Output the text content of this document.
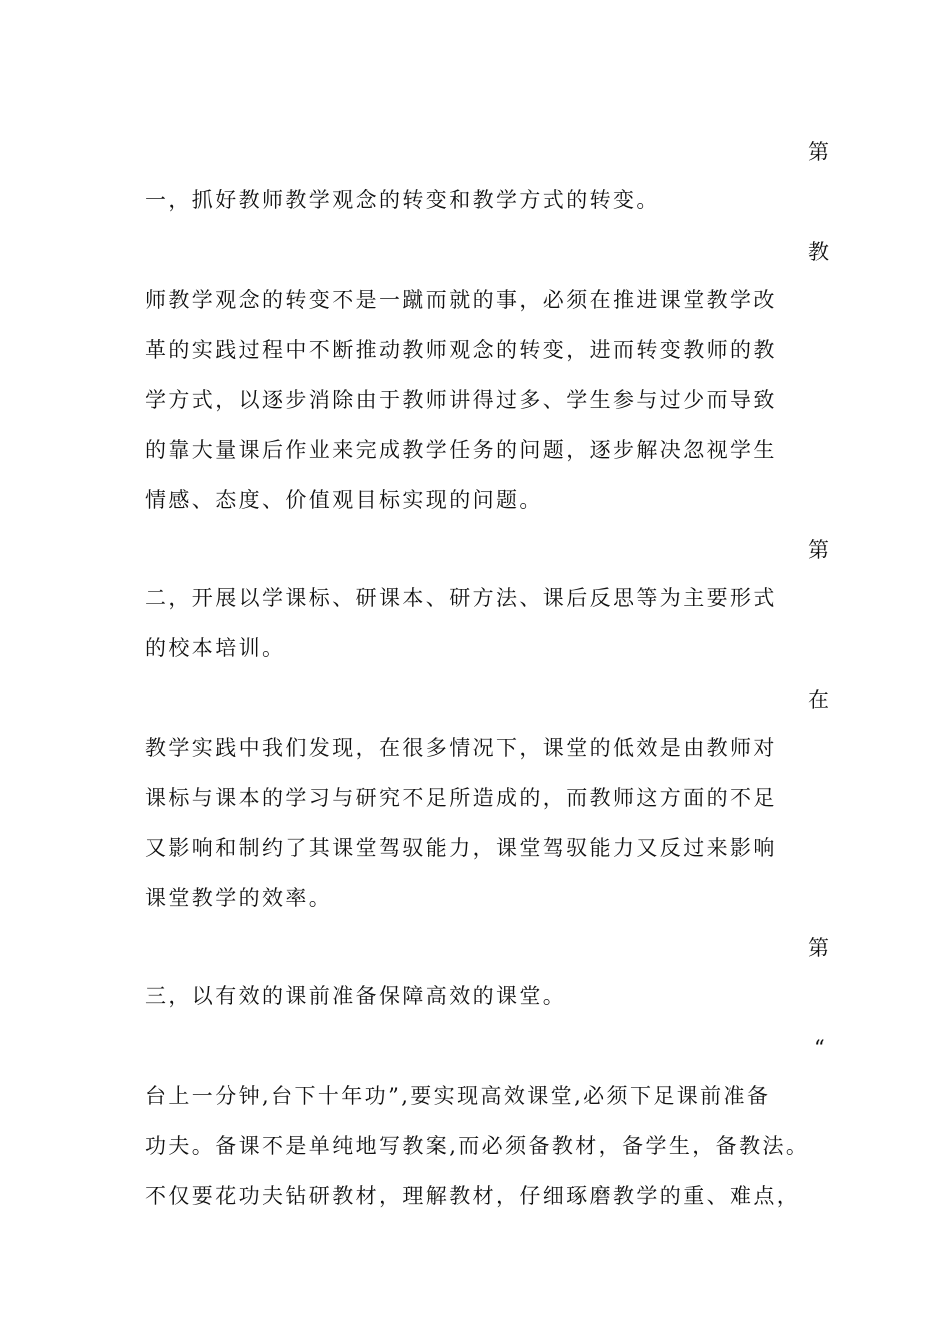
第

一，抓好教师教学观念的转变和教学方式的转变。

教

师教学观念的转变不是一蹴而就的事，必须在推进课堂教学改
革的实践过程中不断推动教师观念的转变，进而转变教师的教
学方式，以逐步消除由于教师讲得过多、学生参与过少而导致
的靠大量课后作业来完成教学任务的问题，逐步解决忽视学生
情感、态度、价值观目标实现的问题。

第

二，开展以学课标、研课本、研方法、课后反思等为主要形式
的校本培训。

在

教学实践中我们发现，在很多情况下，课堂的低效是由教师对
课标与课本的学习与研究不足所造成的，而教师这方面的不足
又影响和制约了其课堂驾驭能力，课堂驾驭能力又反过来影响
课堂教学的效率。

第

三，以有效的课前准备保障高效的课堂。

“

台上一分钟,台下十年功”,要实现高效课堂,必须下足课前准备
功夫。备课不是单纯地写教案,而必须备教材，备学生，备教法。
不仅要花功夫钻研教材，理解教材，仔细琢磨教学的重、难点，
